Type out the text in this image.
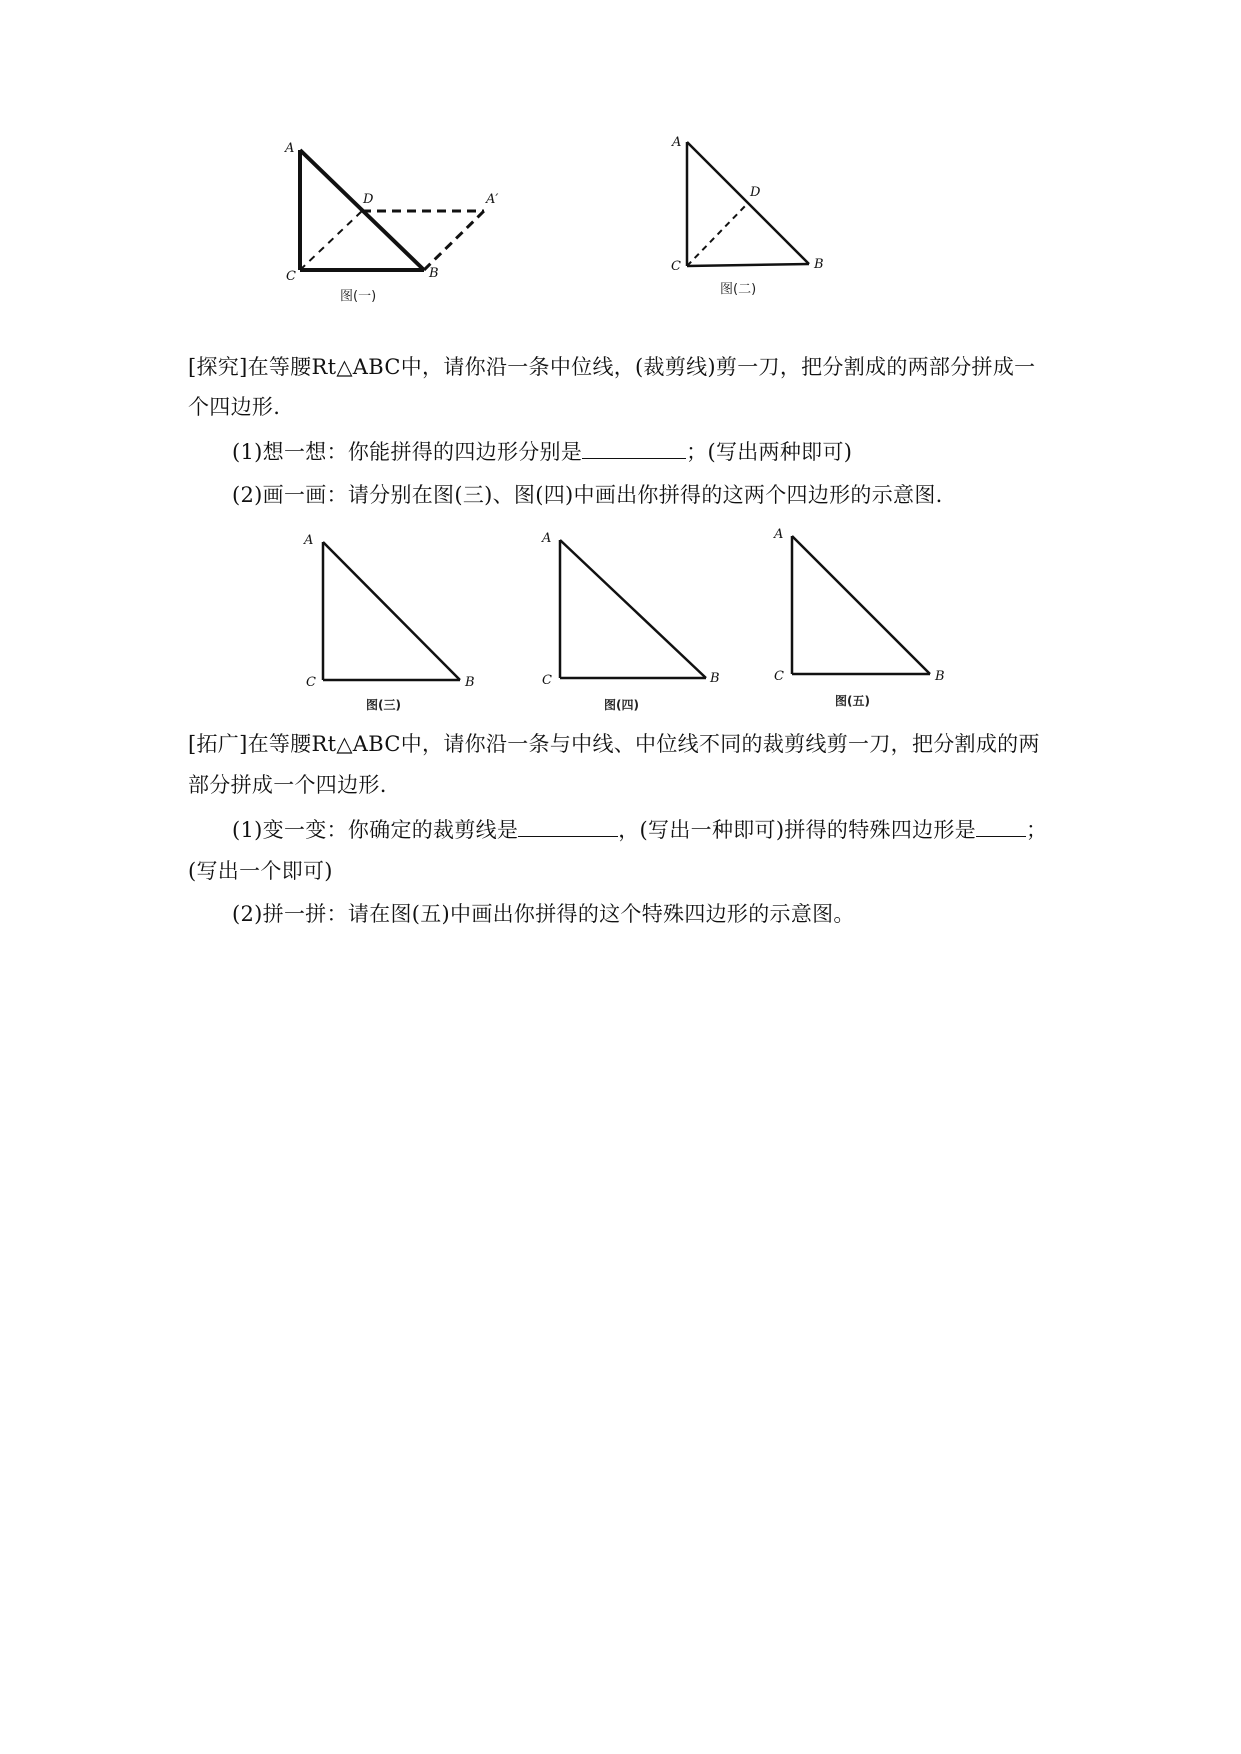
A
C	B
D	A′
图(一)
A
C	B
D
图(二)
[探究]在等腰Rt△ABC中，请你沿一条中位线，(裁剪线)剪一刀，把分割成的两部分拼成一
个四边形.
(1)想一想：你能拼得的四边形分别是	；(写出两种即可)
(2)画一画：请分别在图(三)、图(四)中画出你拼得的这两个四边形的示意图.
A
C	B
图(三)
A
C	B
图(四)
A
C	B
图(五)
[拓广]在等腰Rt△ABC中，请你沿一条与中线、中位线不同的裁剪线剪一刀，把分割成的两
部分拼成一个四边形.
(1)变一变：你确定的裁剪线是	，(写出一种即可)拼得的特殊四边形是 ；
(写出一个即可)
(2)拼一拼：请在图(五)中画出你拼得的这个特殊四边形的示意图。
